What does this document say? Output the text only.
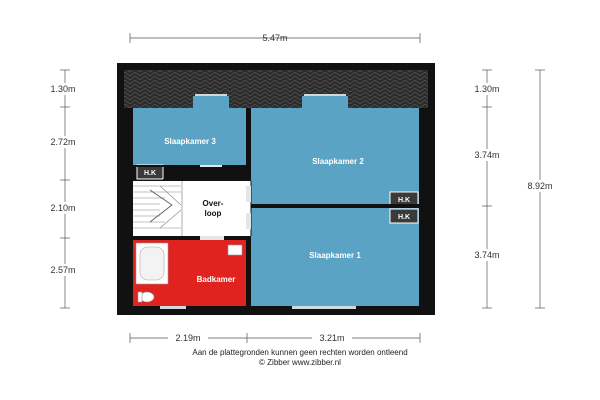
5.47m
1.30m
2.72m
2.10m
2.57m
1.30m
3.74m
3.74m
8.92m
2.19m	3.21m
Slaapkamer 3
Slaapkamer 2
Slaapkamer 1
H.K
H.K
H.K
Over-
loop
Badkamer
Aan de plattegronden kunnen geen rechten worden ontleend
© Zibber www.zibber.nl
